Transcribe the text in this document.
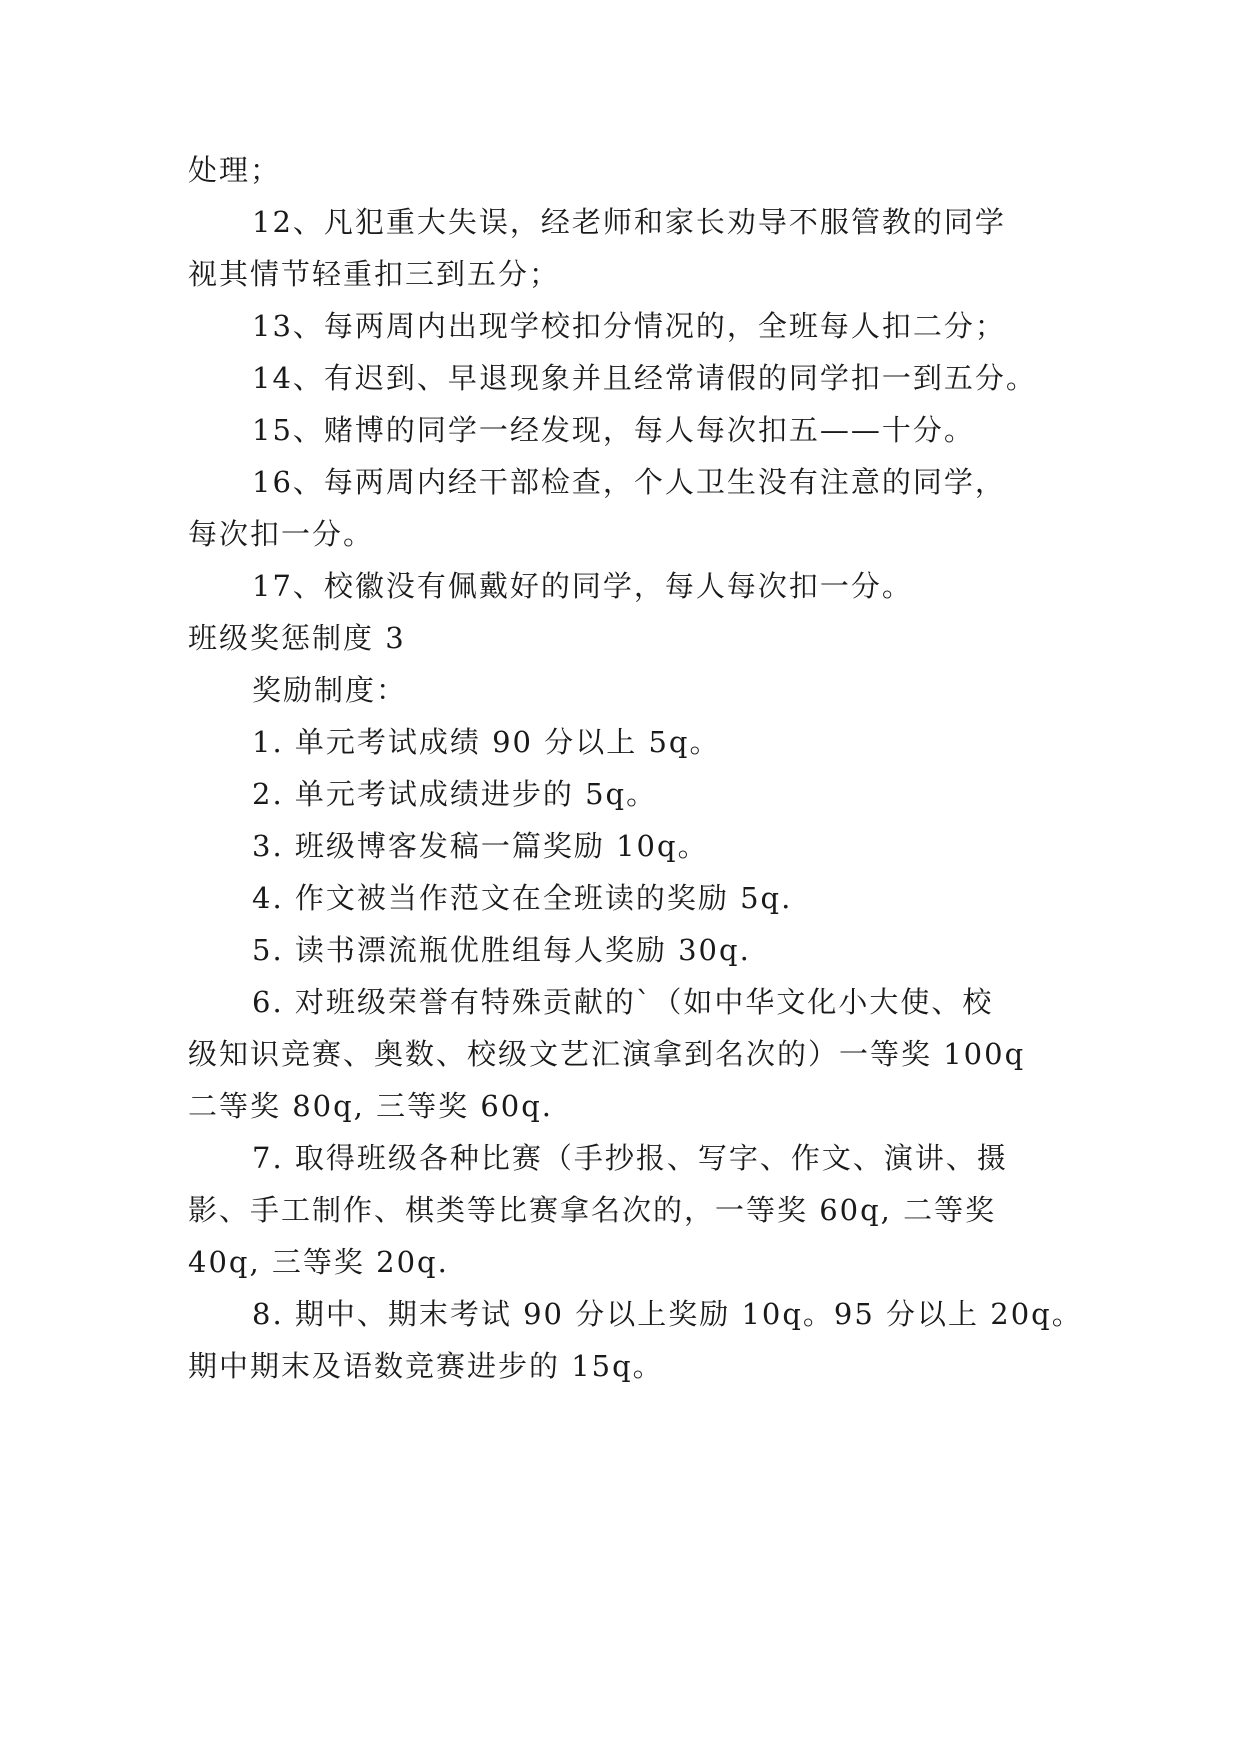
处理；
12、凡犯重大失误，经老师和家长劝导不服管教的同学
视其情节轻重扣三到五分；
13、每两周内出现学校扣分情况的，全班每人扣二分；
14、有迟到、早退现象并且经常请假的同学扣一到五分。
15、赌博的同学一经发现，每人每次扣五——十分。
16、每两周内经干部检查，个人卫生没有注意的同学，
每次扣一分。
17、校徽没有佩戴好的同学，每人每次扣一分。
班级奖惩制度 3
奖励制度：
1. 单元考试成绩 90 分以上 5q。
2. 单元考试成绩进步的 5q。
3. 班级博客发稿一篇奖励 10q。
4. 作文被当作范文在全班读的奖励 5q.
5. 读书漂流瓶优胜组每人奖励 30q.
6. 对班级荣誉有特殊贡献的`（如中华文化小大使、校
级知识竞赛、奥数、校级文艺汇演拿到名次的）一等奖 100q
二等奖 80q, 三等奖 60q.
7. 取得班级各种比赛（手抄报、写字、作文、演讲、摄
影、手工制作、棋类等比赛拿名次的，一等奖 60q, 二等奖
40q, 三等奖 20q.
8. 期中、期末考试 90 分以上奖励 10q。95 分以上 20q。
期中期末及语数竞赛进步的 15q。
